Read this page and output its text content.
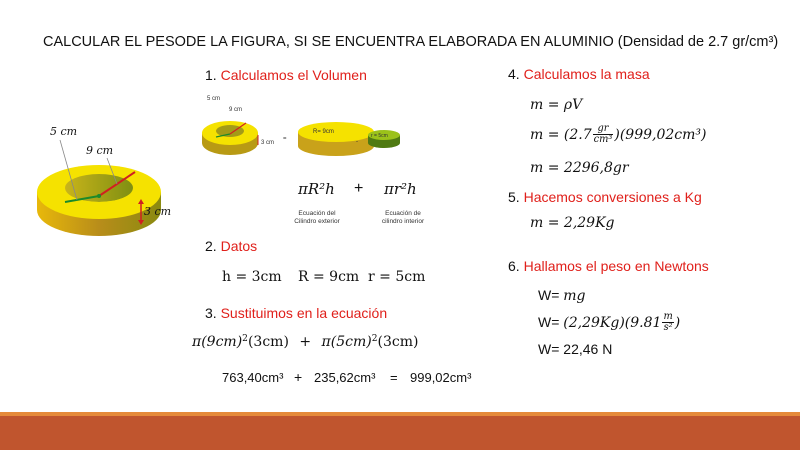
CALCULAR EL PESODE LA FIGURA, SI SE ENCUENTRA ELABORADA EN ALUMINIO (Densidad de 2.7 gr/cm³)
5 cm
9 cm
3 cm
1. Calculamos el Volumen
5 cm
9 cm
3 cm
=
R= 9cm
-
r = 5cm
πR²h + πr²h
Ecuación del
Cilindro exterior
Ecuación de
cilindro interior
2. Datos
h = 3cm R = 9cm r = 5cm
3. Sustituimos en la ecuación
$\pi(9cm)^2(3cm) + \pi(5cm)^2(3cm)$
763,40cm³ + 235,62cm³ = 999,02cm³
4. Calculamos la masa
m = ρV
$m = (2.7 \frac{gr}{\text{cm³}} )(999,02cm^3)$
m = 2296,8gr
5. Hacemos conversiones a Kg
m = 2,29Kg
6. Hallamos el peso en Newtons
W= mg
$W= (2,29Kg)(9.81 \frac{m}{\text{s²}}$ )
W= 22,46 N
